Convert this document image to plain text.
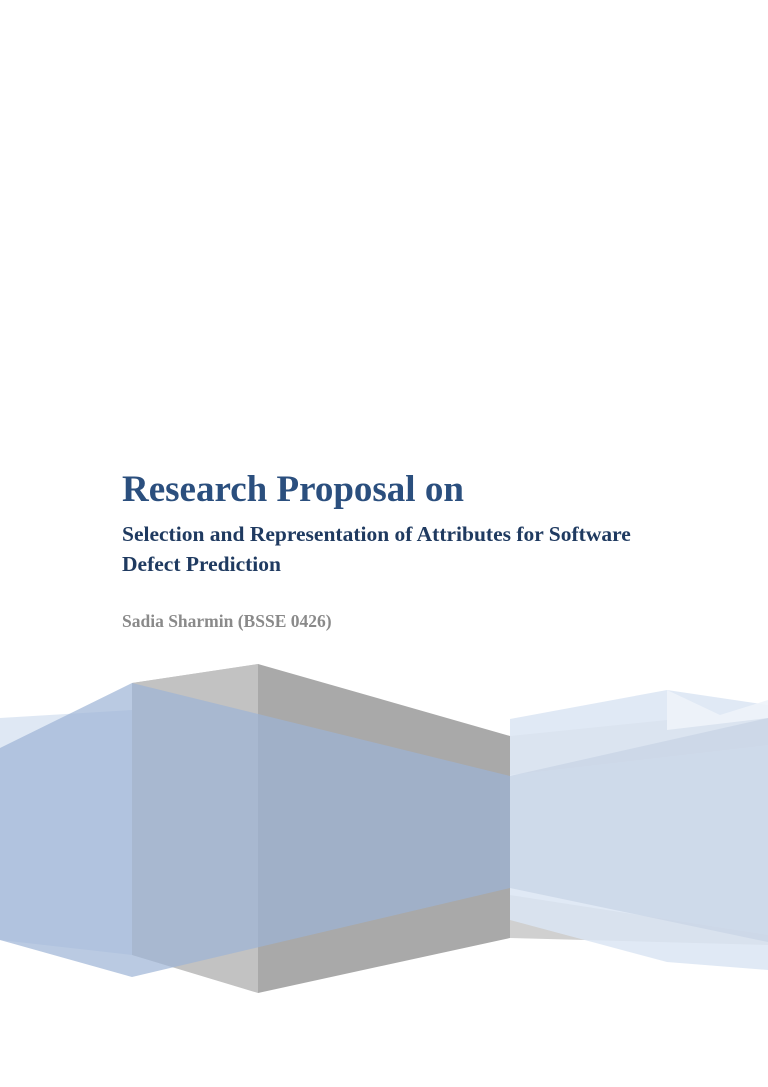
Research Proposal on
Selection and Representation of Attributes for Software Defect Prediction

Sadia Sharmin (BSSE 0426)
